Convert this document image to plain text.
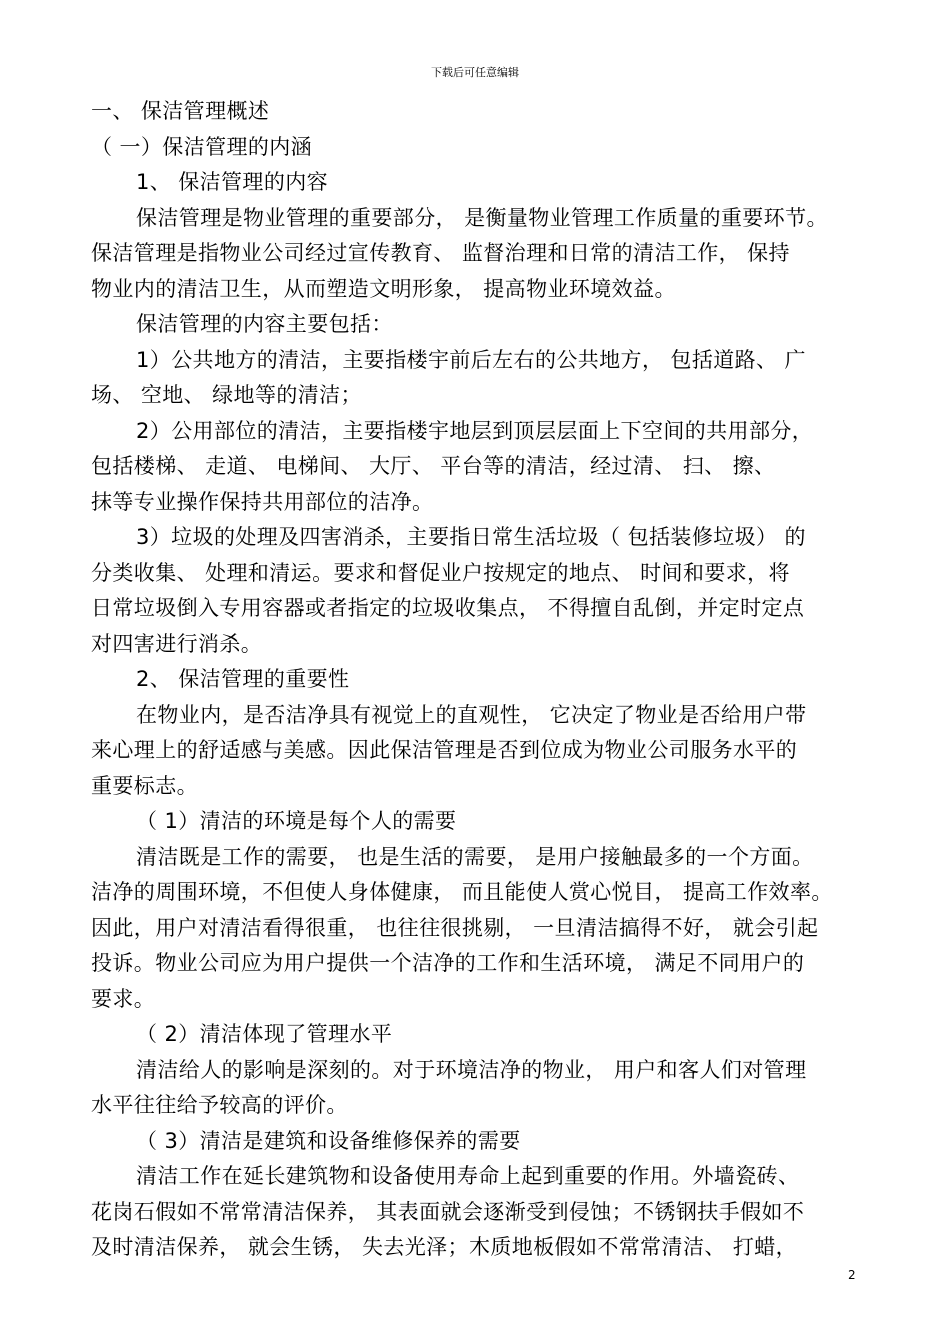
下载后可任意编辑
一、 保洁管理概述
（ 一）保洁管理的内涵
1、 保洁管理的内容
保洁管理是物业管理的重要部分， 是衡量物业管理工作质量的重要环节。
保洁管理是指物业公司经过宣传教育、 监督治理和日常的清洁工作， 保持
物业内的清洁卫生，从而塑造文明形象， 提高物业环境效益。
保洁管理的内容主要包括：
1）公共地方的清洁，主要指楼宇前后左右的公共地方， 包括道路、 广
场、 空地、 绿地等的清洁；
2）公用部位的清洁，主要指楼宇地层到顶层层面上下空间的共用部分，
包括楼梯、 走道、 电梯间、 大厅、 平台等的清洁，经过清、 扫、 擦、
抹等专业操作保持共用部位的洁净。
3）垃圾的处理及四害消杀，主要指日常生活垃圾（ 包括装修垃圾） 的
分类收集、 处理和清运。要求和督促业户按规定的地点、 时间和要求，将
日常垃圾倒入专用容器或者指定的垃圾收集点， 不得擅自乱倒，并定时定点
对四害进行消杀。
2、 保洁管理的重要性
在物业内，是否洁净具有视觉上的直观性， 它决定了物业是否给用户带
来心理上的舒适感与美感。因此保洁管理是否到位成为物业公司服务水平的
重要标志。
（ 1）清洁的环境是每个人的需要
清洁既是工作的需要， 也是生活的需要， 是用户接触最多的一个方面。
洁净的周围环境，不但使人身体健康， 而且能使人赏心悦目， 提高工作效率。
因此，用户对清洁看得很重， 也往往很挑剔， 一旦清洁搞得不好， 就会引起
投诉。物业公司应为用户提供一个洁净的工作和生活环境， 满足不同用户的
要求。
（ 2）清洁体现了管理水平
清洁给人的影响是深刻的。对于环境洁净的物业， 用户和客人们对管理
水平往往给予较高的评价。
（ 3）清洁是建筑和设备维修保养的需要
清洁工作在延长建筑物和设备使用寿命上起到重要的作用。外墙瓷砖、
花岗石假如不常常清洁保养， 其表面就会逐渐受到侵蚀；不锈钢扶手假如不
及时清洁保养， 就会生锈， 失去光泽；木质地板假如不常常清洁、 打蜡，
2
